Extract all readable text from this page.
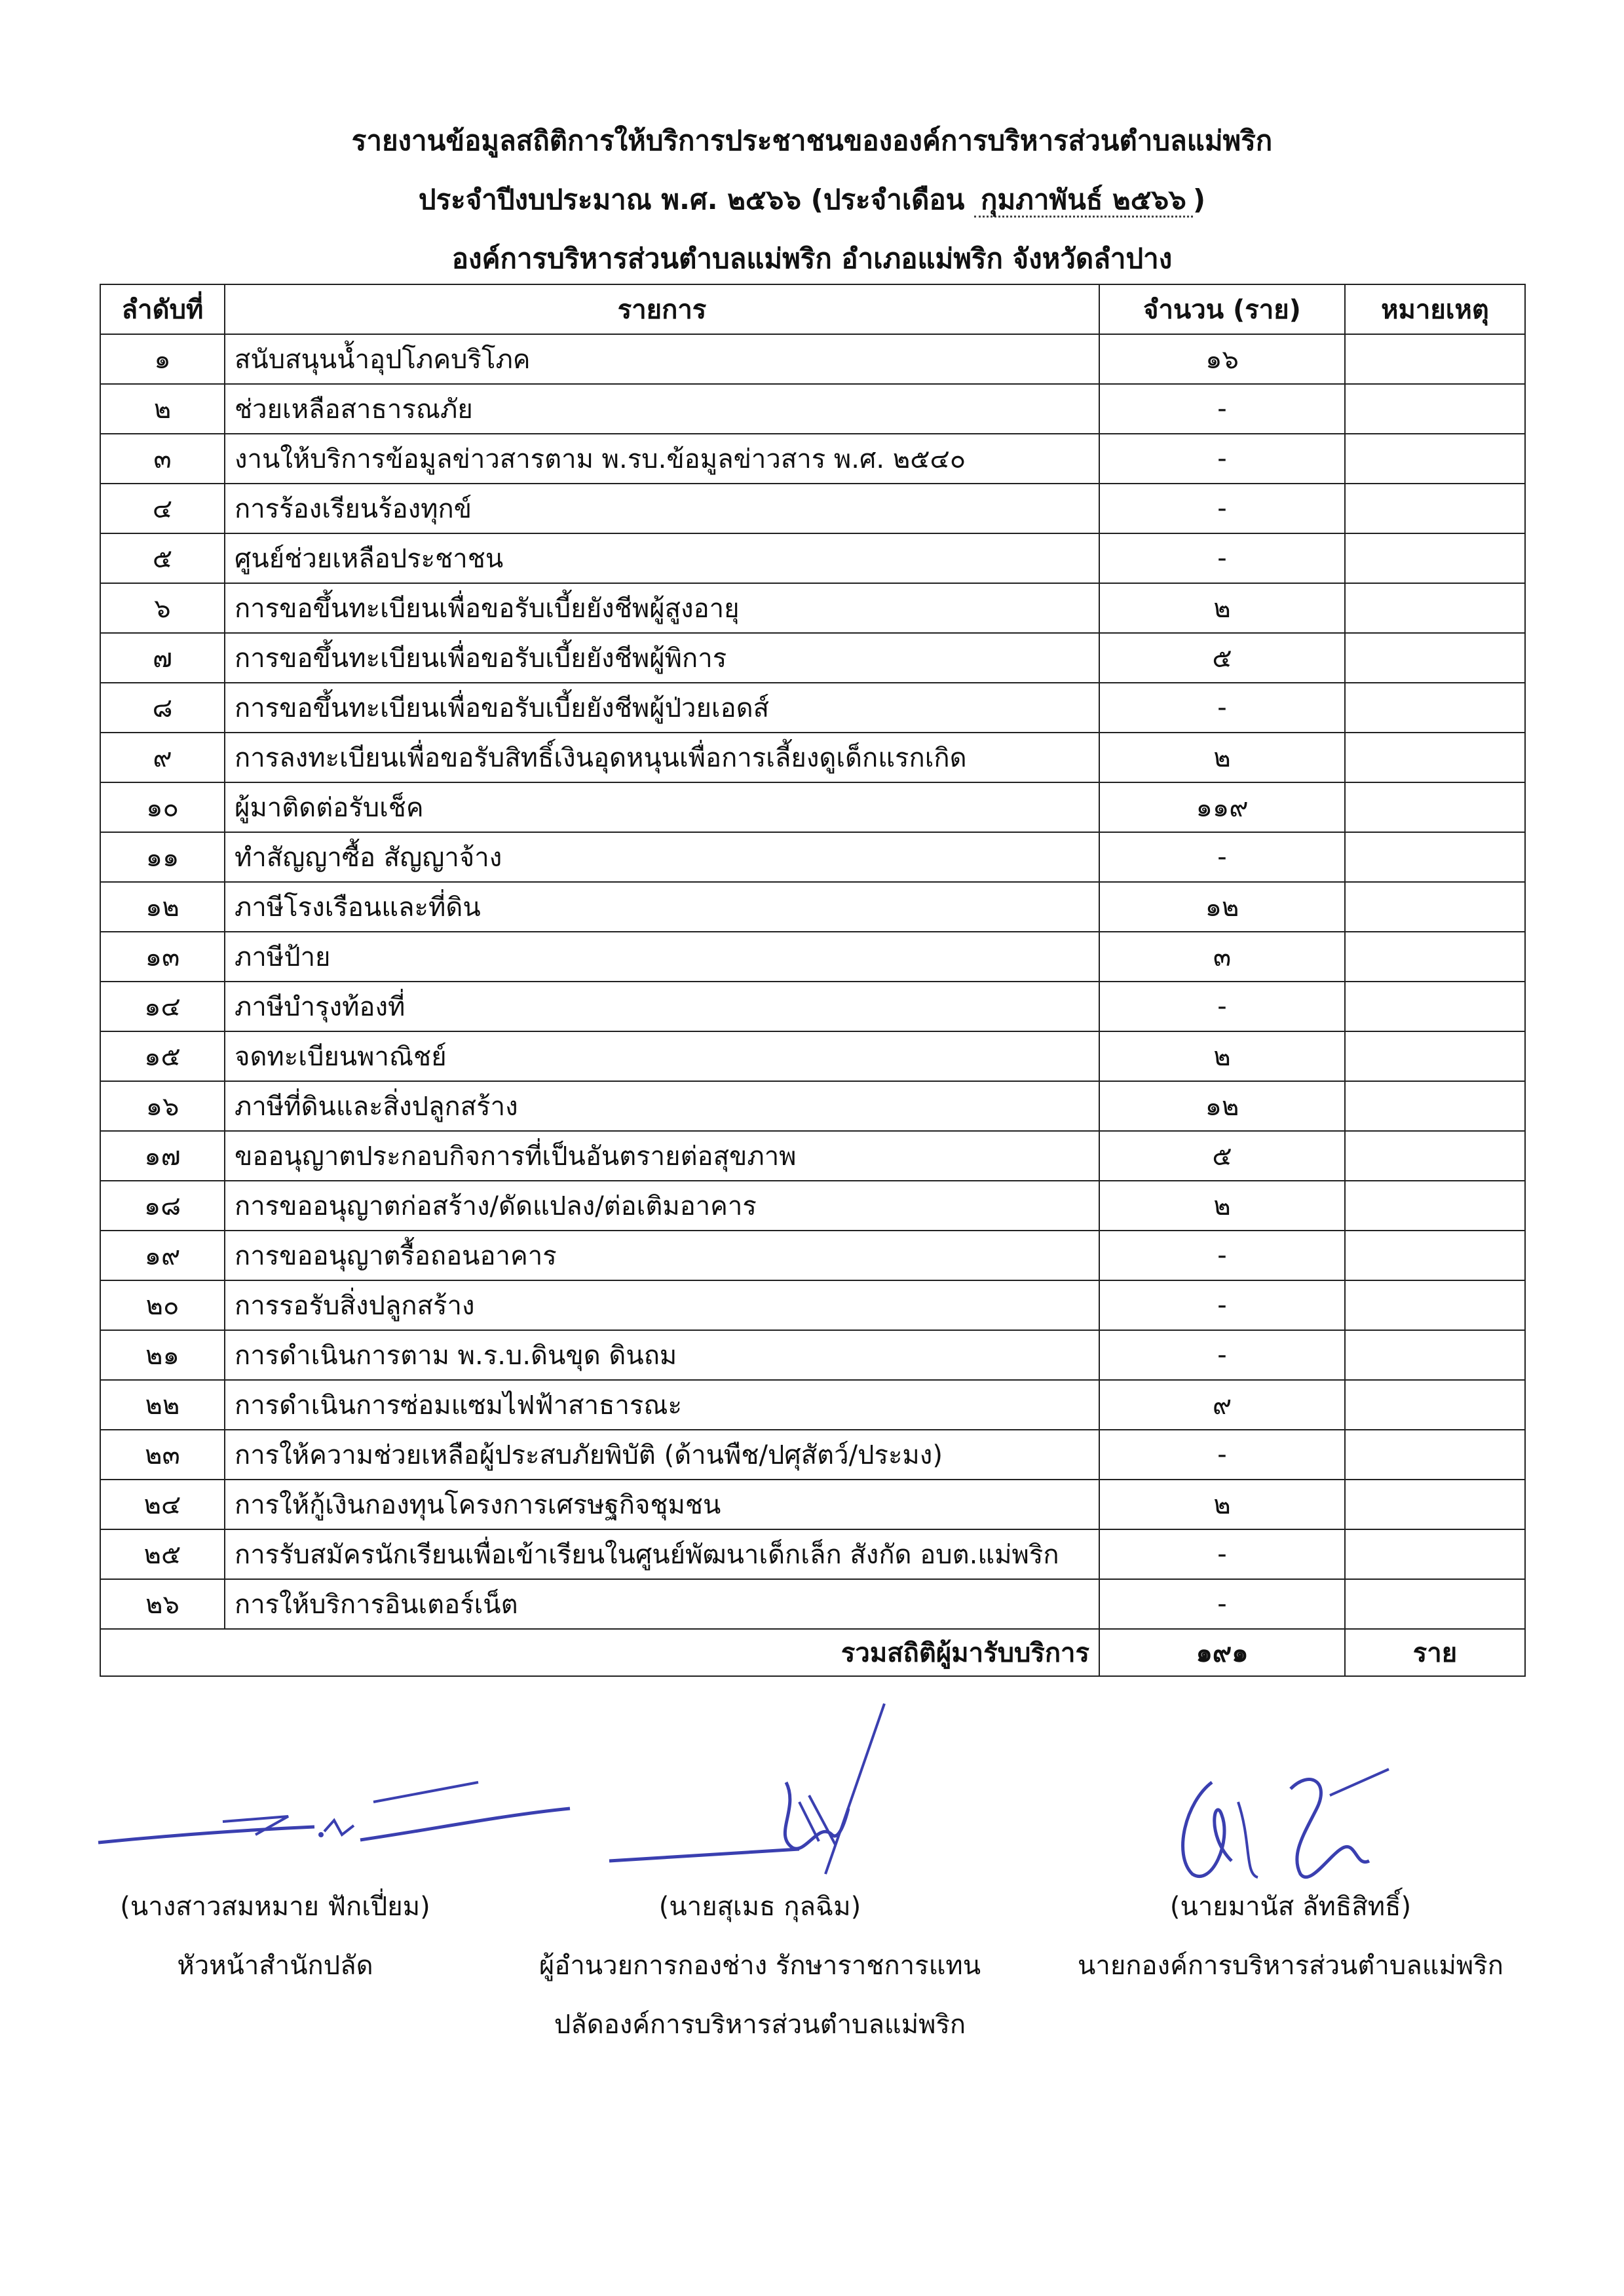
รายงานข้อมูลสถิติการให้บริการประชาชนขององค์การบริหารส่วนตำบลแม่พริก
ประจำปีงบประมาณ พ.ศ. ๒๕๖๖ (ประจำเดือน กุมภาพันธ์ ๒๕๖๖ )
องค์การบริหารส่วนตำบลแม่พริก อำเภอแม่พริก จังหวัดลำปาง
ลำดับที่	รายการ	จำนวน (ราย)	หมายเหตุ
๑	สนับสนุนน้ำอุปโภคบริโภค	๑๖	
๒	ช่วยเหลือสาธารณภัย	-	
๓	งานให้บริการข้อมูลข่าวสารตาม พ.รบ.ข้อมูลข่าวสาร พ.ศ. ๒๕๔๐	-	
๔	การร้องเรียนร้องทุกข์	-	
๕	ศูนย์ช่วยเหลือประชาชน	-	
๖	การขอขึ้นทะเบียนเพื่อขอรับเบี้ยยังชีพผู้สูงอายุ	๒	
๗	การขอขึ้นทะเบียนเพื่อขอรับเบี้ยยังชีพผู้พิการ	๕	
๘	การขอขึ้นทะเบียนเพื่อขอรับเบี้ยยังชีพผู้ป่วยเอดส์	-	
๙	การลงทะเบียนเพื่อขอรับสิทธิ์เงินอุดหนุนเพื่อการเลี้ยงดูเด็กแรกเกิด	๒	
๑๐	ผู้มาติดต่อรับเช็ค	๑๑๙	
๑๑	ทำสัญญาซื้อ สัญญาจ้าง	-	
๑๒	ภาษีโรงเรือนและที่ดิน	๑๒	
๑๓	ภาษีป้าย	๓	
๑๔	ภาษีบำรุงท้องที่	-	
๑๕	จดทะเบียนพาณิชย์	๒	
๑๖	ภาษีที่ดินและสิ่งปลูกสร้าง	๑๒	
๑๗	ขออนุญาตประกอบกิจการที่เป็นอันตรายต่อสุขภาพ	๕	
๑๘	การขออนุญาตก่อสร้าง/ดัดแปลง/ต่อเติมอาคาร	๒	
๑๙	การขออนุญาตรื้อถอนอาคาร	-	
๒๐	การรอรับสิ่งปลูกสร้าง	-	
๒๑	การดำเนินการตาม พ.ร.บ.ดินขุด ดินถม	-	
๒๒	การดำเนินการซ่อมแซมไฟฟ้าสาธารณะ	๙	
๒๓	การให้ความช่วยเหลือผู้ประสบภัยพิบัติ (ด้านพืช/ปศุสัตว์/ประมง)	-	
๒๔	การให้กู้เงินกองทุนโครงการเศรษฐกิจชุมชน	๒	
๒๕	การรับสมัครนักเรียนเพื่อเข้าเรียนในศูนย์พัฒนาเด็กเล็ก สังกัด อบต.แม่พริก	-	
๒๖	การให้บริการอินเตอร์เน็ต	-	
รวมสถิติผู้มารับบริการ		๑๙๑	ราย
(นางสาวสมหมาย ฟักเปี่ยม)
หัวหน้าสำนักปลัด
(นายสุเมธ กุลฉิม)
ผู้อำนวยการกองช่าง รักษาราชการแทน
ปลัดองค์การบริหารส่วนตำบลแม่พริก
(นายมานัส ลัทธิสิทธิ์)
นายกองค์การบริหารส่วนตำบลแม่พริก
